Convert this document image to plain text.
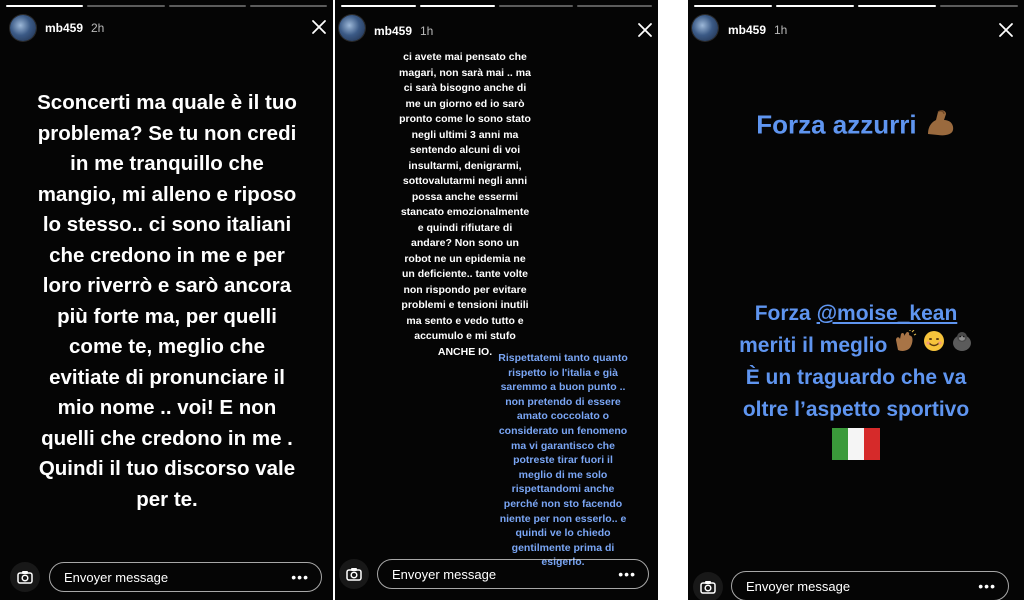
mb459 2h
Sconcerti ma quale è il tuo
problema? Se tu non credi
in me tranquillo che
mangio, mi alleno e riposo
lo stesso.. ci sono italiani
che credono in me e per
loro riverrò e sarò ancora
più forte ma, per quelli
come te, meglio che
evitiate di pronunciare il
mio nome .. voi! E non
quelli che credono in me .
Quindi il tuo discorso vale
per te.
Envoyer message
•••
mb459 1h
ci avete mai pensato che
magari, non sarà mai .. ma
ci sarà bisogno anche di
me un giorno ed io sarò
pronto come lo sono stato
negli ultimi 3 anni ma
sentendo alcuni di voi
insultarmi, denigrarmi,
sottovalutarmi negli anni
possa anche essermi
stancato emozionalmente
e quindi rifiutare di
andare? Non sono un
robot ne un epidemia ne
un deficiente.. tante volte
non rispondo per evitare
problemi e tensioni inutili
ma sento e vedo tutto e
accumulo e mi stufo
ANCHE IO.
Rispettatemi tanto quanto
rispetto io l'italia e già
saremmo a buon punto ..
non pretendo di essere
amato coccolato o
considerato un fenomeno
ma vi garantisco che
potreste tirar fuori il
meglio di me solo
rispettandomi anche
perché non sto facendo
niente per non esserlo.. e
quindi ve lo chiedo
gentilmente prima di
esigerlo.
Envoyer message
•••
mb459 1h
Forza azzurri
Forza @moise_kean
meriti il meglio
È un traguardo che va
oltre l’aspetto sportivo
Envoyer message
•••
